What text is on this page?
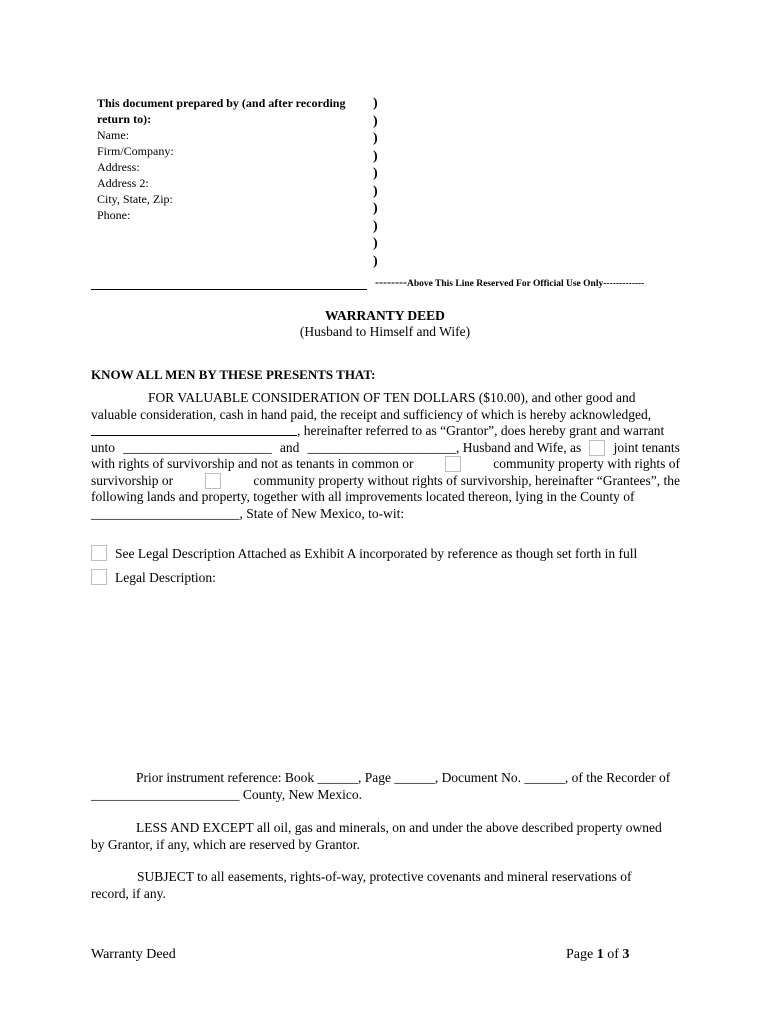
This document prepared by (and after recording return to):
Name:
Firm/Company:
Address:
Address 2:
City, State, Zip:
Phone:
)
)
)
)
)
)
)
)
)
)
--------Above This Line Reserved For Official Use Only-------------
WARRANTY DEED
(Husband to Himself and Wife)
KNOW ALL MEN BY THESE PRESENTS THAT:
FOR VALUABLE CONSIDERATION OF TEN DOLLARS ($10.00), and other good and
valuable consideration, cash in hand paid, the receipt and sufficiency of which is hereby acknowledged,
, hereinafter referred to as “Grantor”, does hereby grant and warrant
unto ______________________ and ______________________, Husband and Wife, as joint tenants
with rights of survivorship and not as tenants in common or	community property with rights of
survivorship or	community property without rights of survivorship, hereinafter “Grantees”, the
following lands and property, together with all improvements located thereon, lying in the County of
______________________, State of New Mexico, to-wit:
See Legal Description Attached as Exhibit A incorporated by reference as though set forth in full
Legal Description:
Prior instrument reference: Book ______, Page ______, Document No. ______, of the Recorder of
______________________ County, New Mexico.
LESS AND EXCEPT all oil, gas and minerals, on and under the above described property owned
by Grantor, if any, which are reserved by Grantor.
SUBJECT to all easements, rights-of-way, protective covenants and mineral reservations of
record, if any.
Warranty Deed	Page 1 of 3
